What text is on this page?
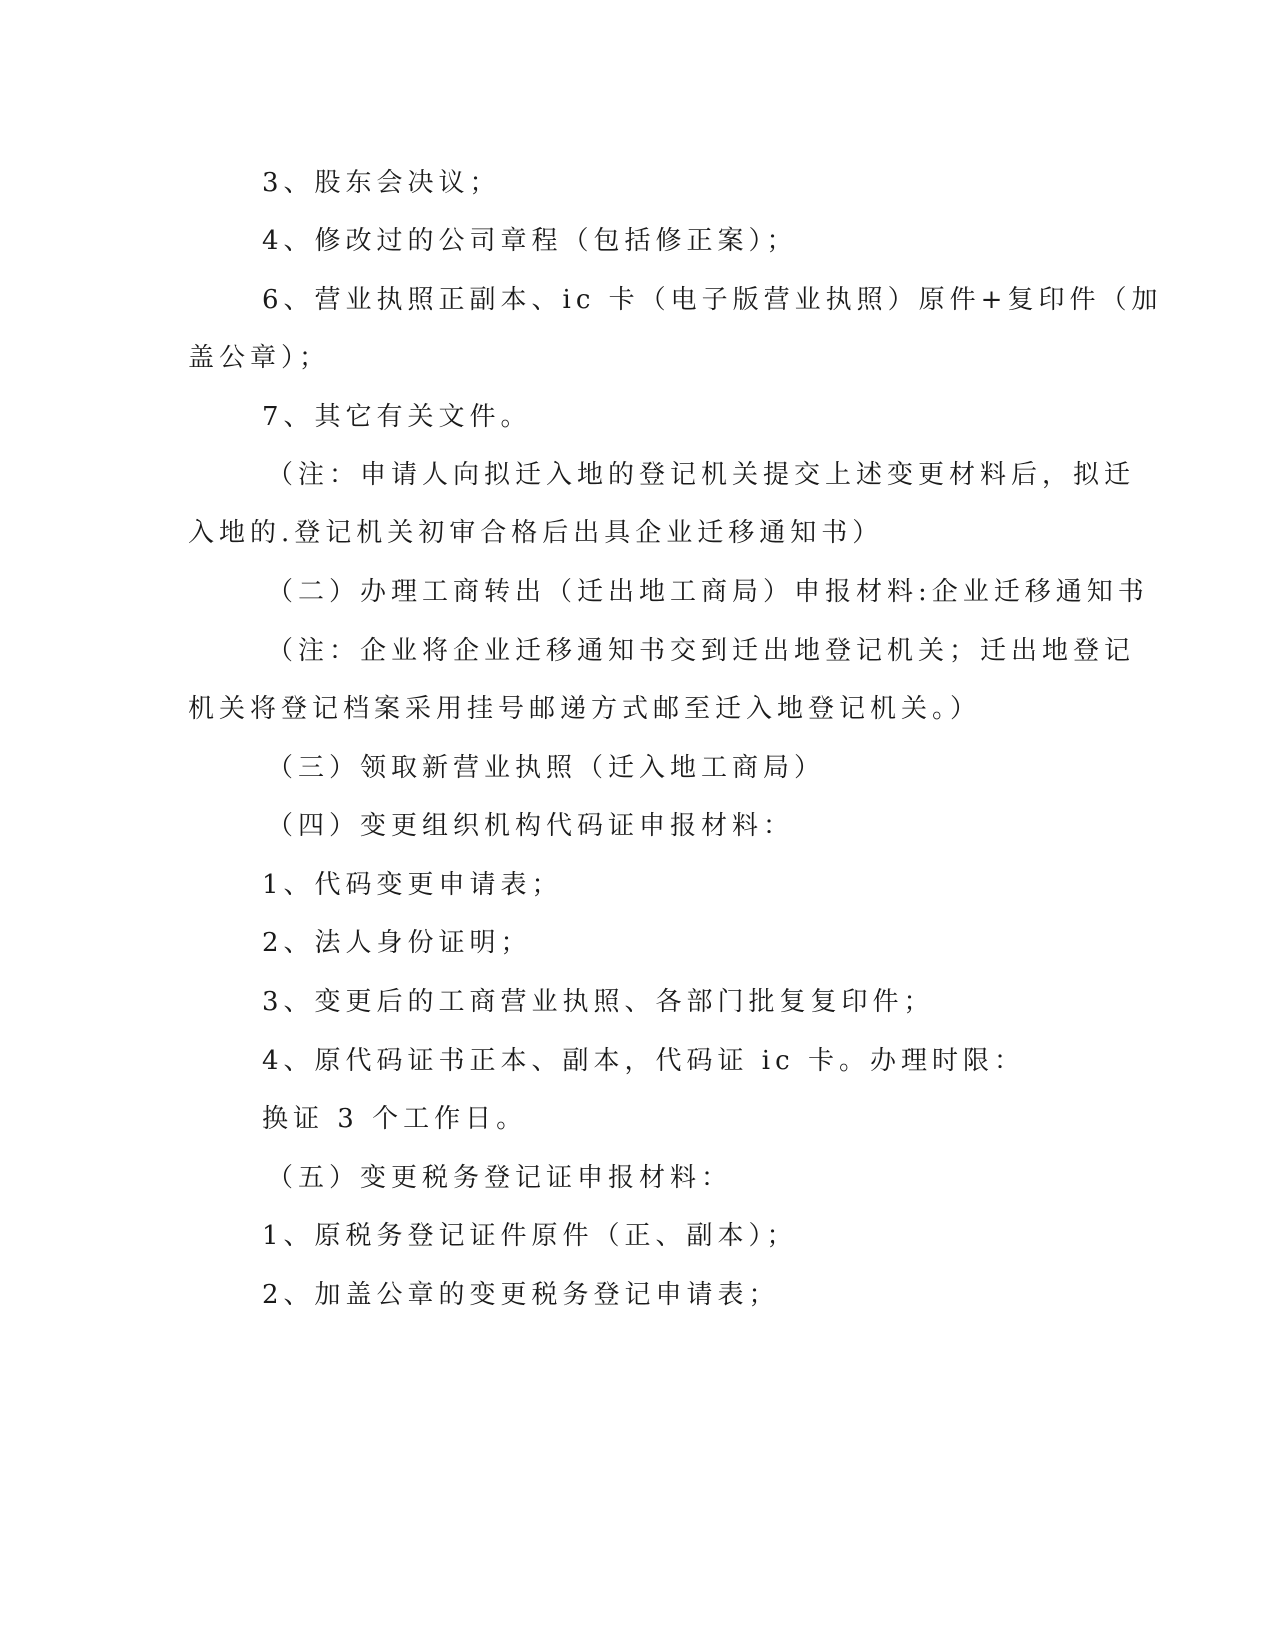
3、股东会决议；
4、修改过的公司章程（包括修正案）；
6、营业执照正副本、ic 卡（电子版营业执照）原件+复印件（加
盖公章）；
7、其它有关文件。
（注：申请人向拟迁入地的登记机关提交上述变更材料后，拟迁
入地的.登记机关初审合格后出具企业迁移通知书）
（二）办理工商转出（迁出地工商局）申报材料:企业迁移通知书
（注：企业将企业迁移通知书交到迁出地登记机关；迁出地登记
机关将登记档案采用挂号邮递方式邮至迁入地登记机关。）
（三）领取新营业执照（迁入地工商局）
（四）变更组织机构代码证申报材料：
1、代码变更申请表；
2、法人身份证明；
3、变更后的工商营业执照、各部门批复复印件；
4、原代码证书正本、副本，代码证 ic 卡。办理时限：
换证 3 个工作日。
（五）变更税务登记证申报材料：
1、原税务登记证件原件（正、副本）；
2、加盖公章的变更税务登记申请表；
